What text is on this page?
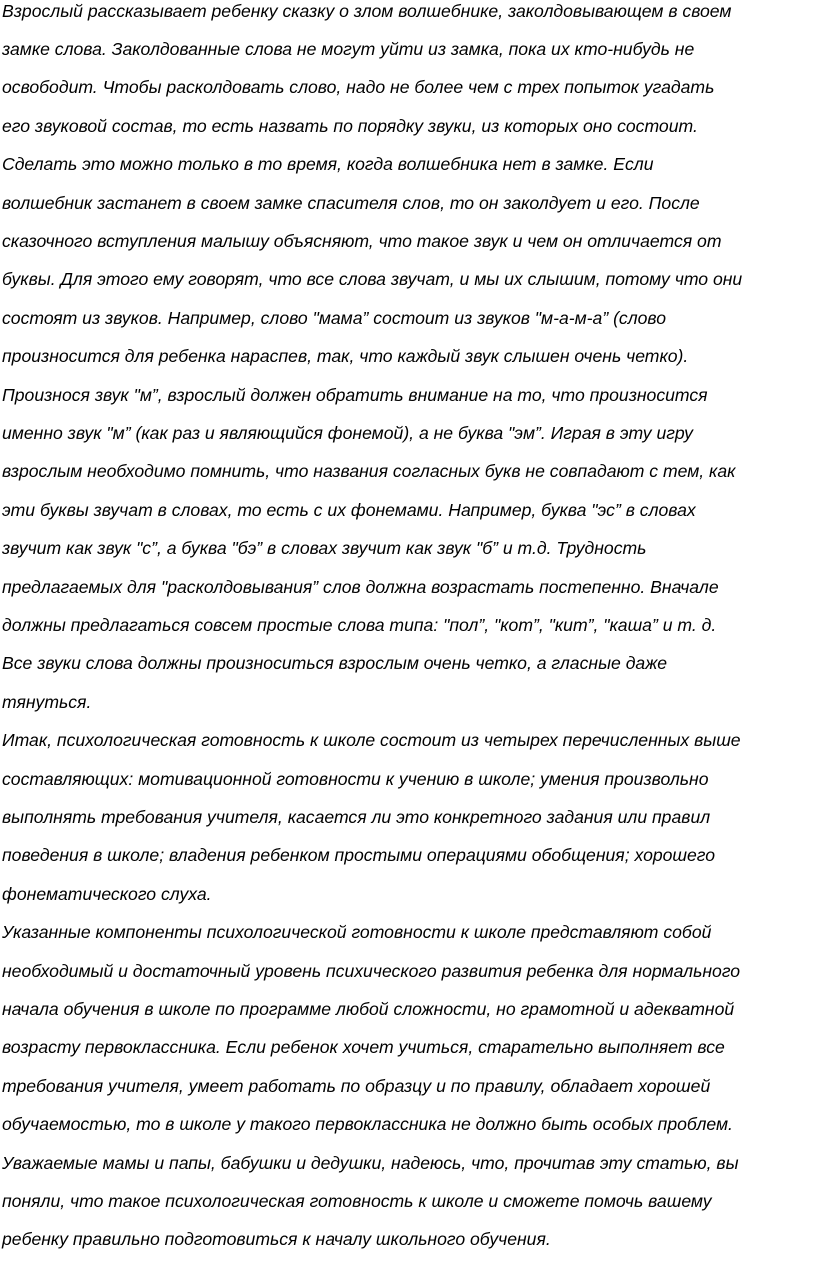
Взрослый рассказывает ребенку сказку о злом волшебнике, заколдовывающем в своем

замке слова. Заколдованные слова не могут уйти из замка, пока их кто-нибудь не

освободит. Чтобы расколдовать слово, надо не более чем с трех попыток угадать

его звуковой состав, то есть назвать по порядку звуки, из которых оно состоит.

Сделать это можно только в то время, когда волшебника нет в замке. Если

волшебник застанет в своем замке спасителя слов, то он заколдует и его. После

сказочного вступления малышу объясняют, что такое звук и чем он отличается от

буквы. Для этого ему говорят, что все слова звучат, и мы их слышим, потому что они

состоят из звуков. Например, слово "мама” состоит из звуков "м-а-м-а” (слово

произносится для ребенка нараспев, так, что каждый звук слышен очень четко).

Произнося звук "м”, взрослый должен обратить внимание на то, что произносится

именно звук "м” (как раз и являющийся фонемой), а не буква "эм”. Играя в эту игру

взрослым необходимо помнить, что названия согласных букв не совпадают с тем, как

эти буквы звучат в словах, то есть с их фонемами. Например, буква "эс” в словах

звучит как звук "с”, а буква "бэ” в словах звучит как звук "б” и т.д. Трудность

предлагаемых для "расколдовывания” слов должна возрастать постепенно. Вначале

должны предлагаться совсем простые слова типа: "пол”, "кот”, "кит”, "каша” и т. д.

Все звуки слова должны произноситься взрослым очень четко, а гласные даже

тянуться.

Итак, психологическая готовность к школе состоит из четырех перечисленных выше

составляющих: мотивационной готовности к учению в школе; умения произвольно

выполнять требования учителя, касается ли это конкретного задания или правил

поведения в школе; владения ребенком простыми операциями обобщения; хорошего

фонематического слуха.

Указанные компоненты психологической готовности к школе представляют собой

необходимый и достаточный уровень психического развития ребенка для нормального

начала обучения в школе по программе любой сложности, но грамотной и адекватной

возрасту первоклассника. Если ребенок хочет учиться, старательно выполняет все

требования учителя, умеет работать по образцу и по правилу, обладает хорошей

обучаемостью, то в школе у такого первоклассника не должно быть особых проблем.

Уважаемые мамы и папы, бабушки и дедушки, надеюсь, что, прочитав эту статью, вы

поняли, что такое психологическая готовность к школе и сможете помочь вашему

ребенку правильно подготовиться к началу школьного обучения.
